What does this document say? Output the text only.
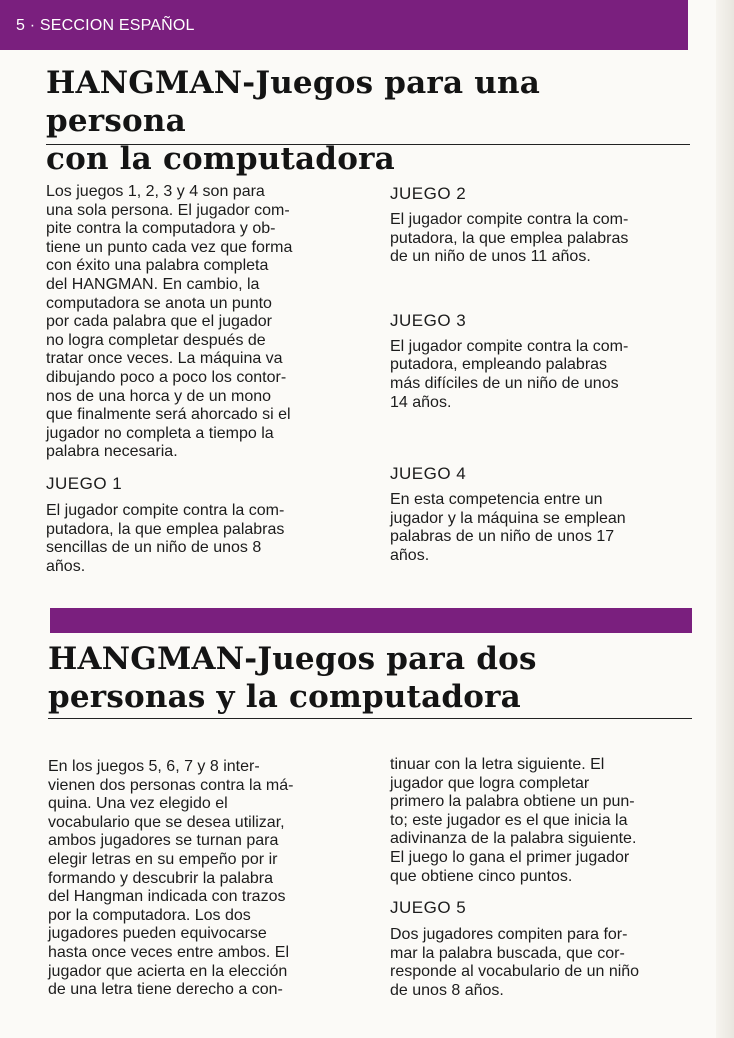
5 · SECCION ESPAÑOL
HANGMAN-Juegos para una persona
con la computadora

Los juegos 1, 2, 3 y 4 son para
una sola persona. El jugador com-
pite contra la computadora y ob-
tiene un punto cada vez que forma
con éxito una palabra completa
del HANGMAN. En cambio, la
computadora se anota un punto
por cada palabra que el jugador
no logra completar después de
tratar once veces. La máquina va
dibujando poco a poco los contor-
nos de una horca y de un mono
que finalmente será ahorcado si el
jugador no completa a tiempo la
palabra necesaria.

JUEGO 1

El jugador compite contra la com-
putadora, la que emplea palabras
sencillas de un niño de unos 8
años.

JUEGO 2

El jugador compite contra la com-
putadora, la que emplea palabras
de un niño de unos 11 años.

JUEGO 3

El jugador compite contra la com-
putadora, empleando palabras
más difíciles de un niño de unos
14 años.

JUEGO 4

En esta competencia entre un
jugador y la máquina se emplean
palabras de un niño de unos 17
años.

HANGMAN-Juegos para dos
personas y la computadora

En los juegos 5, 6, 7 y 8 inter-
vienen dos personas contra la má-
quina. Una vez elegido el
vocabulario que se desea utilizar,
ambos jugadores se turnan para
elegir letras en su empeño por ir
formando y descubrir la palabra
del Hangman indicada con trazos
por la computadora. Los dos
jugadores pueden equivocarse
hasta once veces entre ambos. El
jugador que acierta en la elección
de una letra tiene derecho a con-

tinuar con la letra siguiente. El
jugador que logra completar
primero la palabra obtiene un pun-
to; este jugador es el que inicia la
adivinanza de la palabra siguiente.
El juego lo gana el primer jugador
que obtiene cinco puntos.

JUEGO 5

Dos jugadores compiten para for-
mar la palabra buscada, que cor-
responde al vocabulario de un niño
de unos 8 años.
